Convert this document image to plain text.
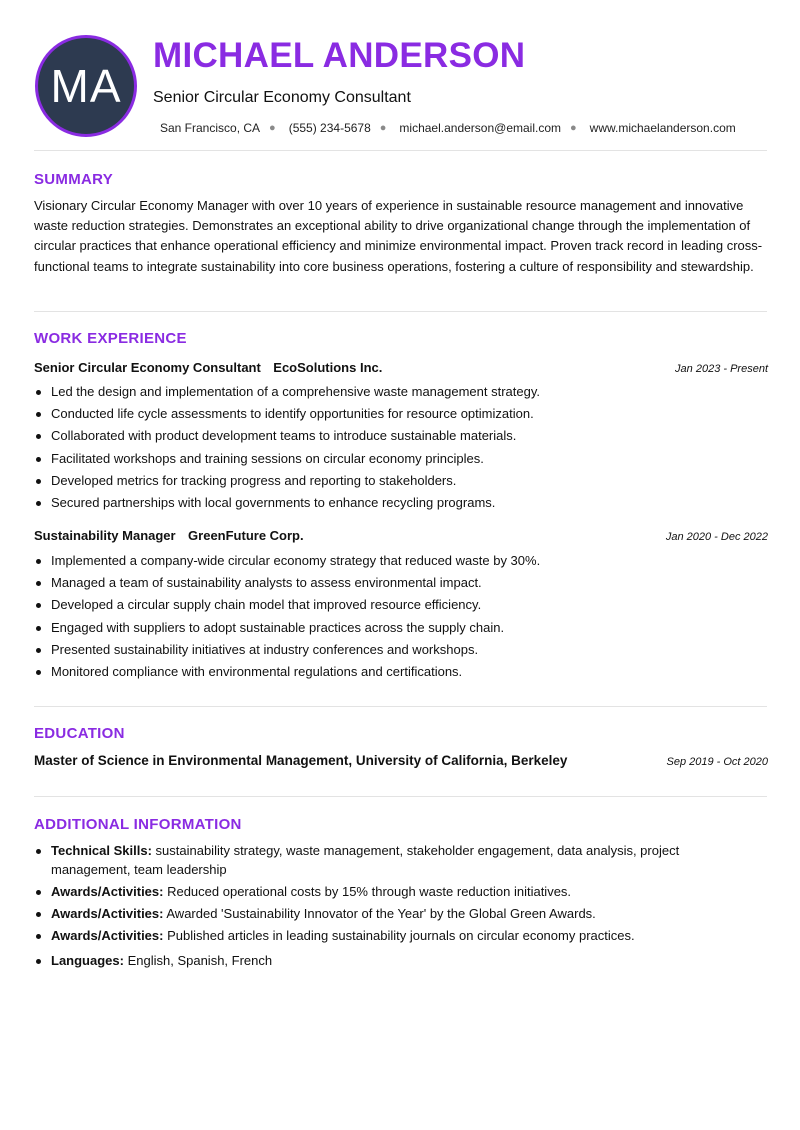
MA
MICHAEL ANDERSON
Senior Circular Economy Consultant
San Francisco, CA ● (555) 234-5678 ● michael.anderson@email.com ● www.michaelanderson.com
SUMMARY

Visionary Circular Economy Manager with over 10 years of experience in sustainable resource management and innovative waste reduction strategies. Demonstrates an exceptional ability to drive organizational change through the implementation of circular practices that enhance operational efficiency and minimize environmental impact. Proven track record in leading cross-functional teams to integrate sustainability into core business operations, fostering a culture of responsibility and stewardship.

WORK EXPERIENCE
Senior Circular Economy Consultant EcoSolutions Inc.	Jan 2023 - Present
Led the design and implementation of a comprehensive waste management strategy.
Conducted life cycle assessments to identify opportunities for resource optimization.
Collaborated with product development teams to introduce sustainable materials.
Facilitated workshops and training sessions on circular economy principles.
Developed metrics for tracking progress and reporting to stakeholders.
Secured partnerships with local governments to enhance recycling programs.
Sustainability Manager GreenFuture Corp.	Jan 2020 - Dec 2022
Implemented a company-wide circular economy strategy that reduced waste by 30%.
Managed a team of sustainability analysts to assess environmental impact.
Developed a circular supply chain model that improved resource efficiency.
Engaged with suppliers to adopt sustainable practices across the supply chain.
Presented sustainability initiatives at industry conferences and workshops.
Monitored compliance with environmental regulations and certifications.
EDUCATION
Master of Science in Environmental Management, University of California, Berkeley	Sep 2019 - Oct 2020
ADDITIONAL INFORMATION
Technical Skills: sustainability strategy, waste management, stakeholder engagement, data analysis, project management, team leadership
Awards/Activities: Reduced operational costs by 15% through waste reduction initiatives.
Awards/Activities: Awarded 'Sustainability Innovator of the Year' by the Global Green Awards.
Awards/Activities: Published articles in leading sustainability journals on circular economy practices.
Languages: English, Spanish, French
